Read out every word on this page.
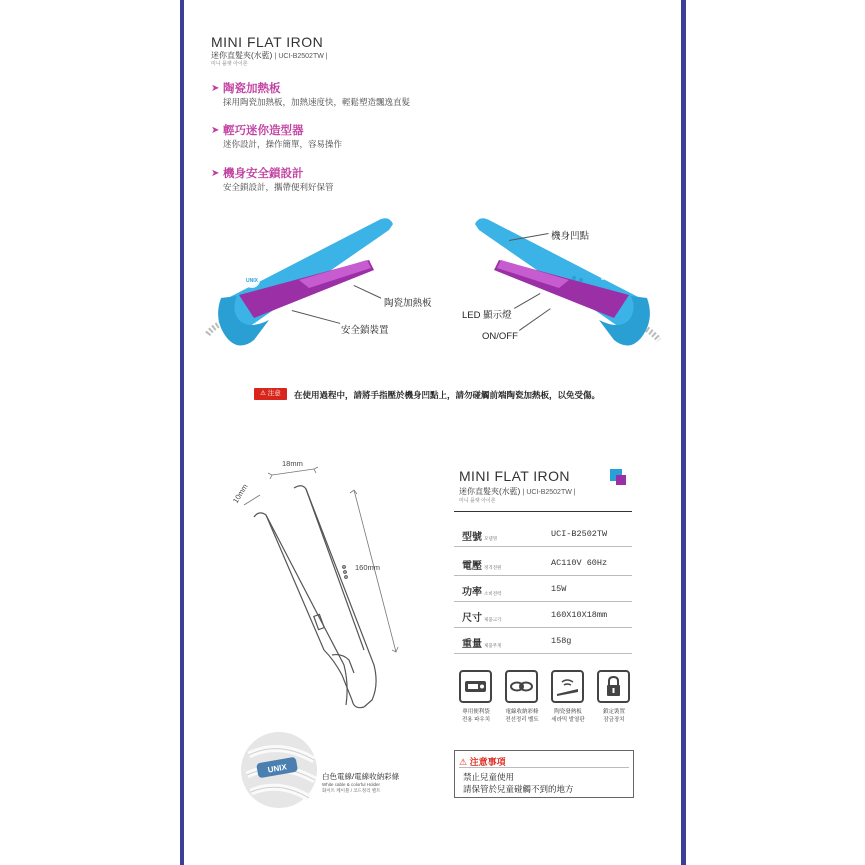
MINI FLAT IRON
迷你直髮夾(水藍) | UCI-B2502TW |
미니 플랫 아이론
➤ 陶瓷加熱板
採用陶瓷加熱板，加熱速度快，輕鬆塑造飄逸直髮
➤ 輕巧迷你造型器
迷你設計，操作簡單，容易操作
➤ 機身安全鎖設計
安全鎖設計，攜帶便利好保管
UNIX	UNIX
機身凹點
陶瓷加熱板
LED 顯示燈
ON/OFF
安全鎖裝置
⚠ 注意	在使用過程中，請將手指壓於機身凹點上，請勿碰觸前端陶瓷加熱板，以免受傷。
18mm
10mm
160mm
MINI FLAT IRON
迷你直髮夾(水藍) | UCI-B2502TW |
미니 플랫 아이론
型號 모델명	UCI-B2502TW
電壓 정격전원	AC110V 60Hz
功率 소비전력	15W
尺寸 제품크기	160X10X18mm
重量 제품무게	158g
專用便利袋
전용 파우치
電線收納彩條
전선정리 벨트
陶瓷發熱板
세라믹 발열판
鎖定裝置
잠금장치
⚠ 注意事項
禁止兒童使用
請保管於兒童碰觸不到的地方
UNIX
白色電線/電線收納彩條
White cable & colorful Holder
화이트 케이블 / 코드정리 벨트
